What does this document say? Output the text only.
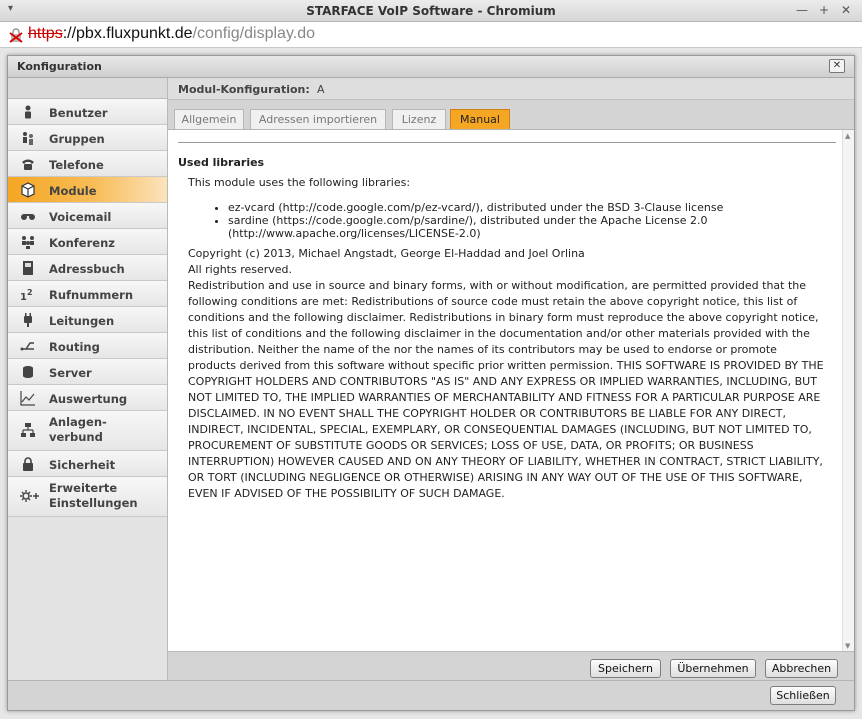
▾	STARFACE VoIP Software - Chromium	— + ✕
https://pbx.fluxpunkt.de/config/display.do
Konfiguration	✕
Benutzer
Gruppen
Telefone
Module
Voicemail
Konferenz
Adressbuch
1 2 Rufnummern
Leitungen
Routing
Server
Auswertung
Anlagen-
verbund
Sicherheit
Erweiterte
Einstellungen
Modul-Konfiguration: A
Allgemein	Adressen importieren	Lizenz	Manual
Used libraries
This module uses the following libraries:
• ez-vcard (http://code.google.com/p/ez-vcard/), distributed under the BSD 3-Clause license
• sardine (https://code.google.com/p/sardine/), distributed under the Apache License 2.0 (http://www.apache.org/licenses/LICENSE-2.0)
Copyright (c) 2013, Michael Angstadt, George El-Haddad and Joel Orlina
All rights reserved.
Redistribution and use in source and binary forms, with or without modification, are permitted provided that the following conditions are met: Redistributions of source code must retain the above copyright notice, this list of conditions and the following disclaimer. Redistributions in binary form must reproduce the above copyright notice, this list of conditions and the following disclaimer in the documentation and/or other materials provided with the distribution. Neither the name of the nor the names of its contributors may be used to endorse or promote products derived from this software without specific prior written permission. THIS SOFTWARE IS PROVIDED BY THE COPYRIGHT HOLDERS AND CONTRIBUTORS "AS IS" AND ANY EXPRESS OR IMPLIED WARRANTIES, INCLUDING, BUT NOT LIMITED TO, THE IMPLIED WARRANTIES OF MERCHANTABILITY AND FITNESS FOR A PARTICULAR PURPOSE ARE DISCLAIMED. IN NO EVENT SHALL THE COPYRIGHT HOLDER OR CONTRIBUTORS BE LIABLE FOR ANY DIRECT, INDIRECT, INCIDENTAL, SPECIAL, EXEMPLARY, OR CONSEQUENTIAL DAMAGES (INCLUDING, BUT NOT LIMITED TO, PROCUREMENT OF SUBSTITUTE GOODS OR SERVICES; LOSS OF USE, DATA, OR PROFITS; OR BUSINESS INTERRUPTION) HOWEVER CAUSED AND ON ANY THEORY OF LIABILITY, WHETHER IN CONTRACT, STRICT LIABILITY, OR TORT (INCLUDING NEGLIGENCE OR OTHERWISE) ARISING IN ANY WAY OUT OF THE USE OF THIS SOFTWARE, EVEN IF ADVISED OF THE POSSIBILITY OF SUCH DAMAGE.
▲
▼
Speichern	Übernehmen	Abbrechen
Schließen
